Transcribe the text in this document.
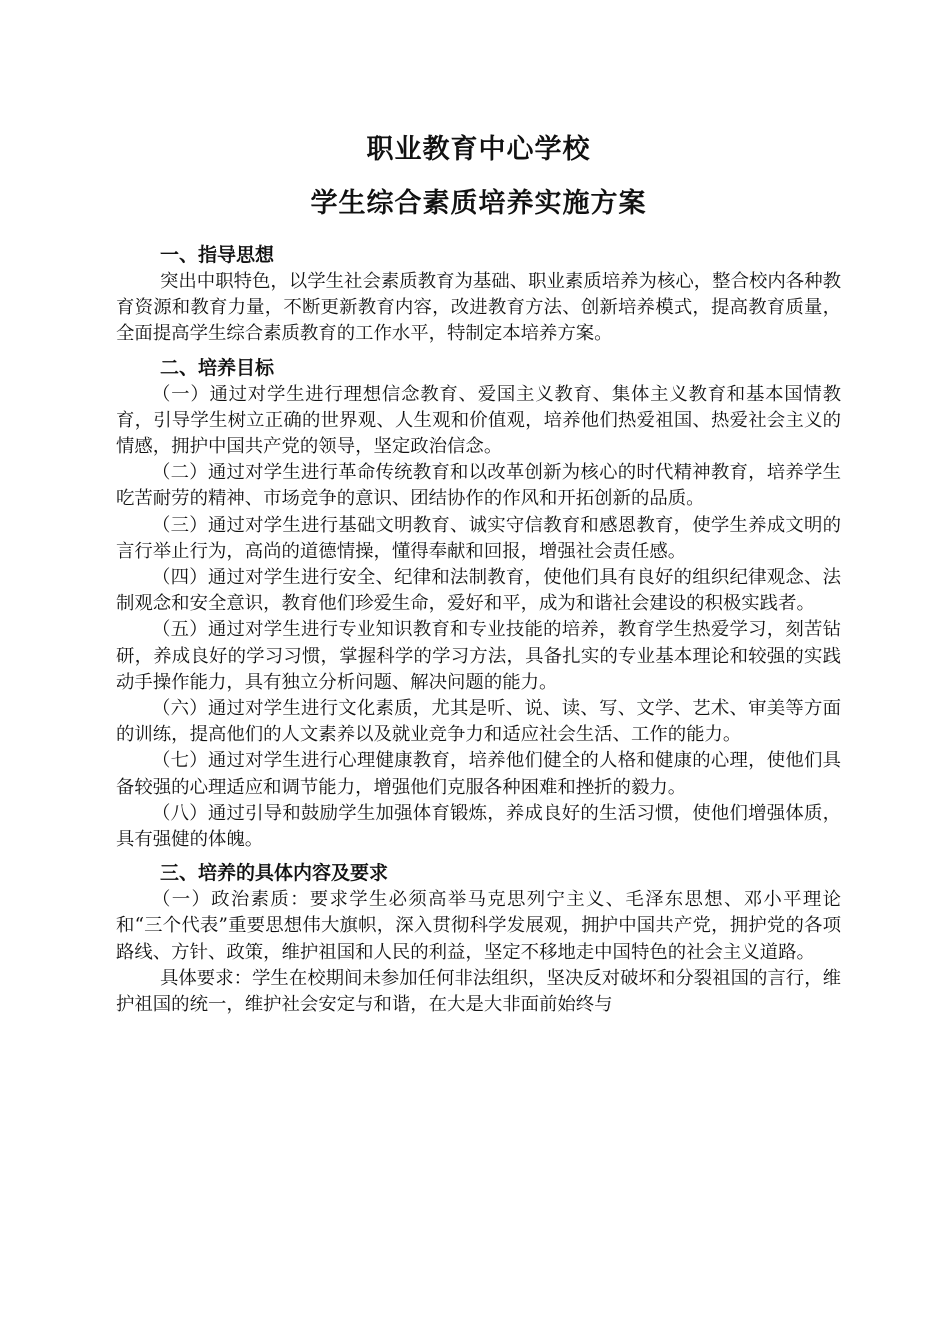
职业教育中心学校
学生综合素质培养实施方案
一、指导思想

突出中职特色，以学生社会素质教育为基础、职业素质培养为核心，整合校内各种教育资源和教育力量，不断更新教育内容，改进教育方法、创新培养模式，提高教育质量，全面提高学生综合素质教育的工作水平，特制定本培养方案。

二、培养目标

（一）通过对学生进行理想信念教育、爱国主义教育、集体主义教育和基本国情教育，引导学生树立正确的世界观、人生观和价值观，培养他们热爱祖国、热爱社会主义的情感，拥护中国共产党的领导，坚定政治信念。

（二）通过对学生进行革命传统教育和以改革创新为核心的时代精神教育，培养学生吃苦耐劳的精神、市场竞争的意识、团结协作的作风和开拓创新的品质。

（三）通过对学生进行基础文明教育、诚实守信教育和感恩教育，使学生养成文明的言行举止行为，高尚的道德情操，懂得奉献和回报，增强社会责任感。

（四）通过对学生进行安全、纪律和法制教育，使他们具有良好的组织纪律观念、法制观念和安全意识，教育他们珍爱生命，爱好和平，成为和谐社会建设的积极实践者。

（五）通过对学生进行专业知识教育和专业技能的培养，教育学生热爱学习，刻苦钻研，养成良好的学习习惯，掌握科学的学习方法，具备扎实的专业基本理论和较强的实践动手操作能力，具有独立分析问题、解决问题的能力。

（六）通过对学生进行文化素质，尤其是听、说、读、写、文学、艺术、审美等方面的训练，提高他们的人文素养以及就业竞争力和适应社会生活、工作的能力。

（七）通过对学生进行心理健康教育，培养他们健全的人格和健康的心理，使他们具备较强的心理适应和调节能力，增强他们克服各种困难和挫折的毅力。

（八）通过引导和鼓励学生加强体育锻炼，养成良好的生活习惯，使他们增强体质，具有强健的体魄。

三、培养的具体内容及要求

（一）政治素质：要求学生必须高举马克思列宁主义、毛泽东思想、邓小平理论和“三个代表”重要思想伟大旗帜，深入贯彻科学发展观，拥护中国共产党，拥护党的各项路线、方针、政策，维护祖国和人民的利益，坚定不移地走中国特色的社会主义道路。

具体要求：学生在校期间未参加任何非法组织，坚决反对破坏和分裂祖国的言行，维护祖国的统一，维护社会安定与和谐，在大是大非面前始终与
